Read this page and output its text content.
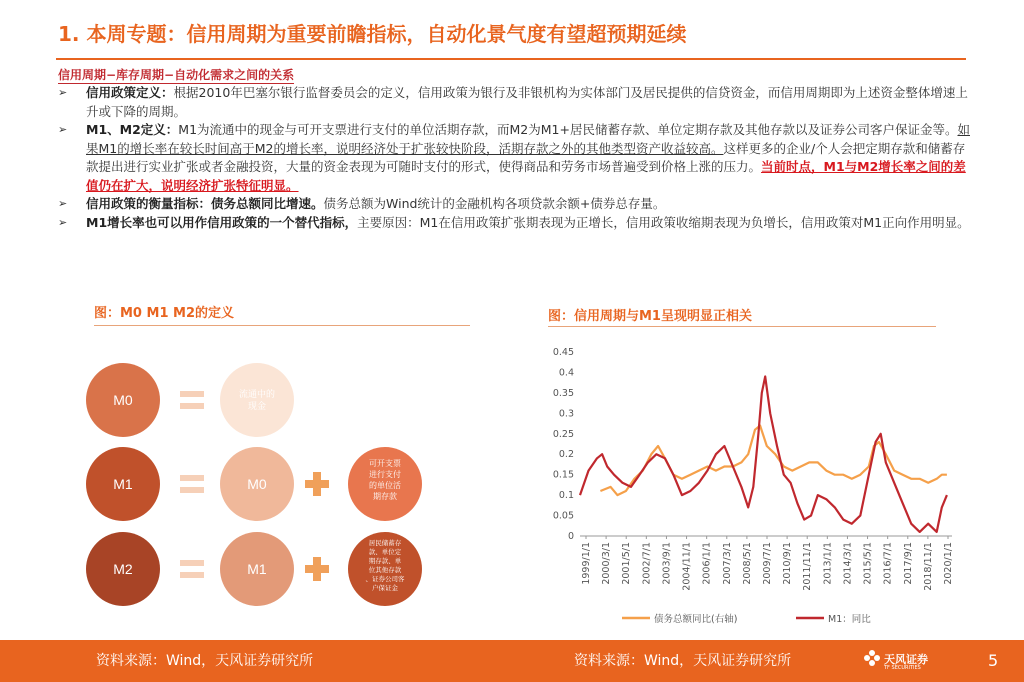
1. 本周专题：信用周期为重要前瞻指标，自动化景气度有望超预期延续
信用周期−库存周期−自动化需求之间的关系
➢ 信用政策定义：根据2010年巴塞尔银行监督委员会的定义，信用政策为银行及非银机构为实体部门及居民提供的信贷资金，而信用周期即为上述资金整体增速上升或下降的周期。
➢ M1、M2定义：M1为流通中的现金与可开支票进行支付的单位活期存款，而M2为M1+居民储蓄存款、单位定期存款及其他存款以及证券公司客户保证金等。如果M1的增长率在较长时间高于M2的增长率，说明经济处于扩张较快阶段，活期存款之外的其他类型资产收益较高。这样更多的企业/个人会把定期存款和储蓄存款提出进行实业扩张或者金融投资，大量的资金表现为可随时支付的形式，使得商品和劳务市场普遍受到价格上涨的压力。当前时点，M1与M2增长率之间的差值仍在扩大，说明经济扩张特征明显。
➢ 信用政策的衡量指标：债务总额同比增速。债务总额为Wind统计的金融机构各项贷款余额+债券总存量。
➢ M1增长率也可以用作信用政策的一个替代指标，主要原因：M1在信用政策扩张期表现为正增长，信用政策收缩期表现为负增长，信用政策对M1正向作用明显。
图：M0 M1 M2的定义	图：信用周期与M1呈现明显正相关
M0	流通中的
现金
M1	M0
可开支票
进行支付
的单位活
期存款
M2	M1
居民储蓄存
款、单位定
期存款、单
位其他存款
、证券公司客
户保证金
0
0.05
0.1
0.15
0.2
0.25
0.3
0.35
0.4
0.45
1999/1/1 2000/3/1 2001/5/1 2002/7/1 2003/9/1 2004/11/1 2006/1/1 2007/3/1 2008/5/1 2009/7/1 2010/9/1 2011/11/1 2013/1/1 2014/3/1 2015/5/1 2016/7/1 2017/9/1 2018/11/1 2020/1/1
债务总额同比(右轴)	M1：同比
资料来源：Wind，天风证券研究所	资料来源：Wind，天风证券研究所	天风证券
TF SECURITIES	5
